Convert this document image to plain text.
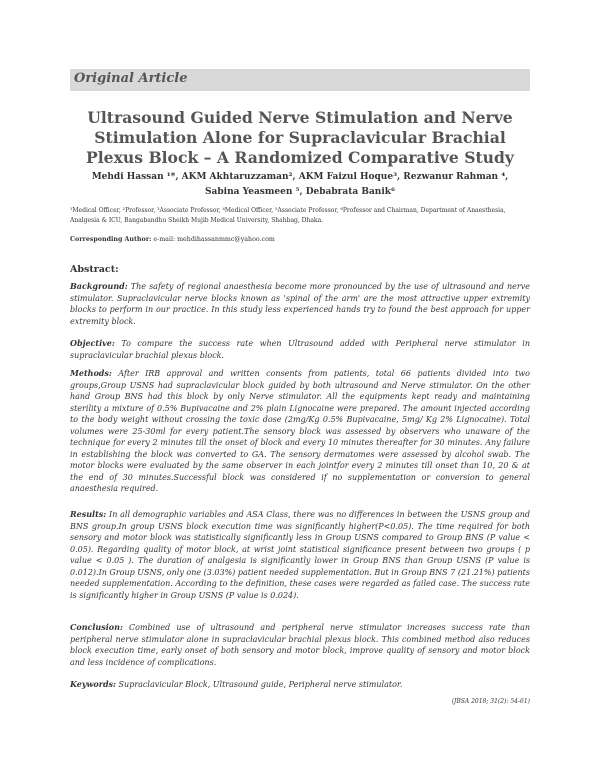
Original Article
Ultrasound Guided Nerve Stimulation and Nerve Stimulation Alone for Supraclavicular Brachial Plexus Block – A Randomized Comparative Study
Mehdi Hassan ¹*, AKM Akhtaruzzaman², AKM Faizul Hoque³, Rezwanur Rahman ⁴,
Sabina Yeasmeen ⁵, Debabrata Banik⁶
¹Medical Officer, ²Professor, ³Associate Professor, ⁴Medical Officer, ⁵Associate Professor, ⁶Professor and Chairman, Department of Anaesthesia, Analgesia & ICU, Bangabandhu Sheikh Mujib Medical University, Shahbag, Dhaka.
Corresponding Author: e-mail: mehdihassanmmc@yahoo.com
Abstract:
Background: The safety of regional anaesthesia become more pronounced by the use of ultrasound and nerve stimulator. Supraclavicular nerve blocks known as 'spinal of the arm' are the most attractive upper extremity blocks to perform in our practice. In this study less experienced hands try to found the best approach for upper extremity block.
Objective: To compare the success rate when Ultrasound added with Peripheral nerve stimulator in supraclavicular brachial plexus block.
Methods: After IRB approval and written consents from patients, total 66 patients divided into two groups,Group USNS had supraclavicular block guided by both ultrasound and Nerve stimulator. On the other hand Group BNS had this block by only Nerve stimulator. All the equipments kept ready and maintaining sterility a mixture of 0.5% Bupivacaine and 2% plain Lignocaine were prepared. The amount injected according to the body weight without crossing the toxic dose (2mg/Kg 0.5% Bupivacaine, 5mg/ Kg 2% Lignocaine). Total volumes were 25-30ml for every patient.The sensory block was assessed by observers who unaware of the technique for every 2 minutes till the onset of block and every 10 minutes thereafter for 30 minutes. Any failure in establishing the block was converted to GA. The sensory dermatomes were assessed by alcohol swab. The motor blocks were evaluated by the same observer in each jointfor every 2 minutes till onset than 10, 20 & at the end of 30 minutes.Successful block was considered if no supplementation or conversion to general anaesthesia required.
Results: In all demographic variables and ASA Class, there was no differences in between the USNS group and BNS group.In group USNS block execution time was significantly higher(P<0.05). The time required for both sensory and motor block was statistically significantly less in Group USNS compared to Group BNS (P value < 0.05). Regarding quality of motor block, at wrist joint statistical significance present between two groups ( p value < 0.05 ). The duration of analgesia is significantly lower in Group BNS than Group USNS (P value is 0.012).In Group USNS, only one (3.03%) patient needed supplementation. But in Group BNS 7 (21.21%) patients needed supplementation. According to the definition, these cases were regarded as failed case. The success rate is significantly higher in Group USNS (P value is 0.024).
Conclusion: Combined use of ultrasound and peripheral nerve stimulator increases success rate than peripheral nerve stimulator alone in supraclavicular brachial plexus block. This combined method also reduces block execution time, early onset of both sensory and motor block, improve quality of sensory and motor block and less incidence of complications.
Keywords: Supraclavicular Block, Ultrasound guide, Peripheral nerve stimulator.
(JBSA 2018; 31(2): 54-61)
